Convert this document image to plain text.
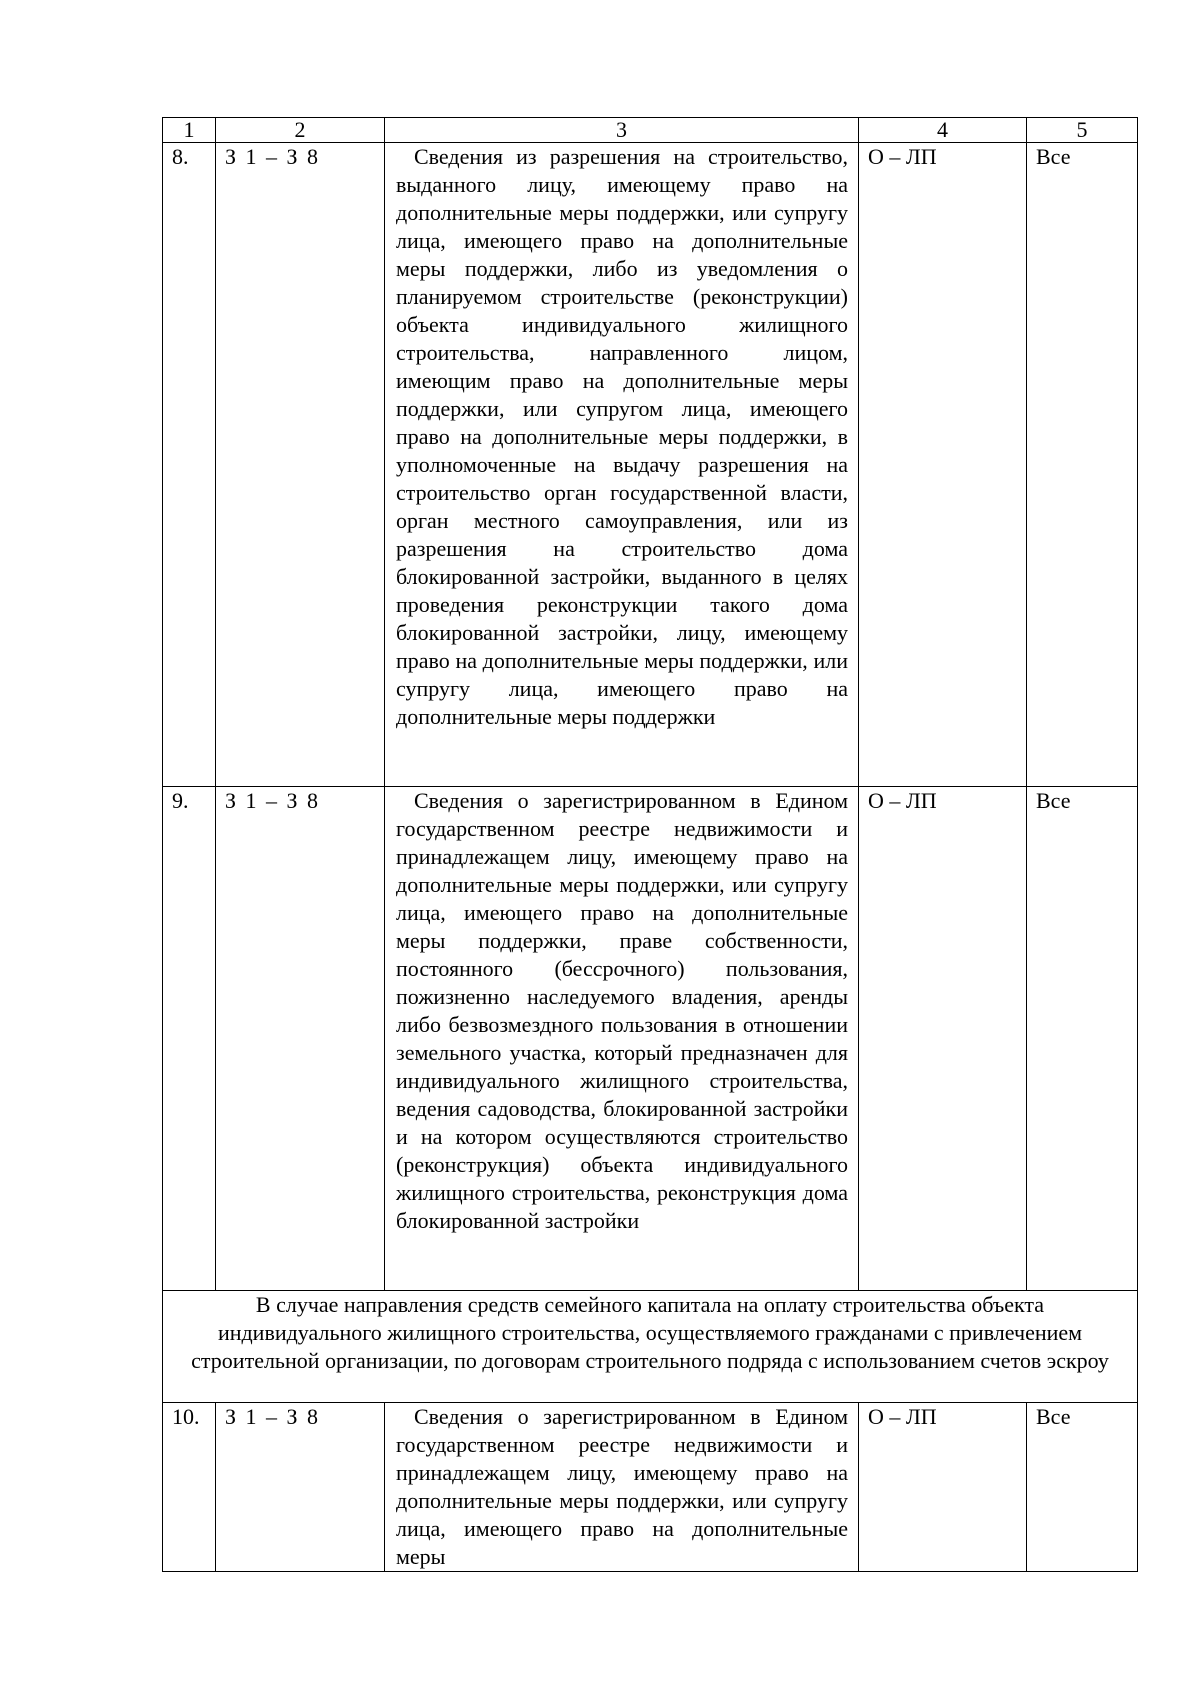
1	2	3	4	5
8.	З 1 – З 8	Сведения из разрешения на строительство, выданного лицу, имеющему право на дополнительные меры поддержки, или супругу лица, имеющего право на дополнительные меры поддержки, либо из уведомления о планируемом строительстве (реконструкции) объекта индивидуального жилищного строительства, направленного лицом, имеющим право на дополнительные меры поддержки, или супругом лица, имеющего право на дополнительные меры поддержки, в уполномоченные на выдачу разрешения на строительство орган государственной власти, орган местного самоуправления, или из разрешения на строительство дома блокированной застройки, выданного в целях проведения реконструкции такого дома блокированной застройки, лицу, имеющему право на дополнительные меры поддержки, или супругу лица, имеющего право на дополнительные меры поддержки	О – ЛП	Все
9.	З 1 – З 8	Сведения о зарегистрированном в Едином государственном реестре недвижимости и принадлежащем лицу, имеющему право на дополнительные меры поддержки, или супругу лица, имеющего право на дополнительные меры поддержки, праве собственности, постоянного (бессрочного) пользования, пожизненно наследуемого владения, аренды либо безвозмездного пользования в отношении земельного участка, который предназначен для индивидуального жилищного строительства, ведения садоводства, блокированной застройки и на котором осуществляются строительство (реконструкция) объекта индивидуального жилищного строительства, реконструкция дома блокированной застройки	О – ЛП	Все
В случае направления средств семейного капитала на оплату строительства объекта индивидуального жилищного строительства, осуществляемого гражданами с привлечением строительной организации, по договорам строительного подряда с использованием счетов эскроу				
10.	З 1 – З 8	Сведения о зарегистрированном в Едином государственном реестре недвижимости и принадлежащем лицу, имеющему право на дополнительные меры поддержки, или супругу лица, имеющего право на дополнительные меры	О – ЛП	Все
